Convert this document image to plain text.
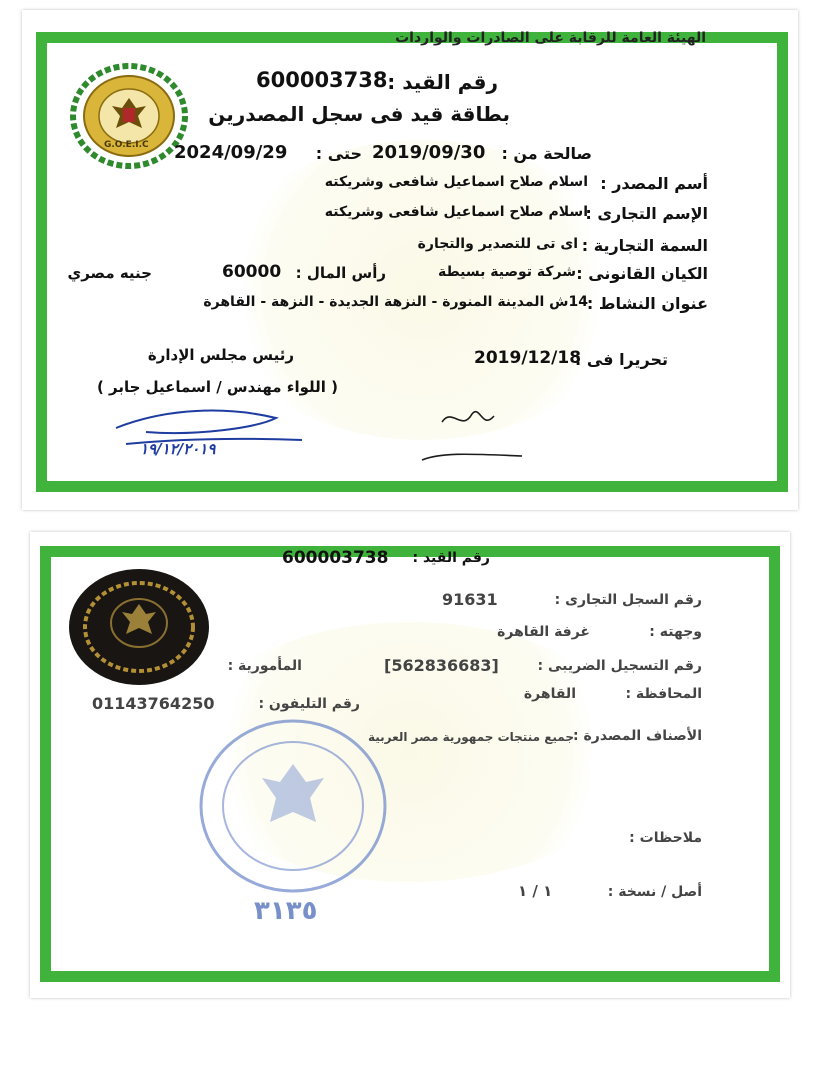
الهيئة العامة للرقابة على الصادرات والواردات
G.O.E.I.C
رقم القيد :
600003738
بطاقة قيد فى سجل المصدرين
صالحة من :
2019/09/30
حتى :
2024/09/29
أسم المصدر :
اسلام صلاح اسماعيل شافعى وشريكته
الإسم التجارى :
اسلام صلاح اسماعيل شافعى وشريكته
السمة التجارية :
اى تى للتصدير والتجارة
الكيان القانونى :
شركة توصية بسيطة
رأس المال :
60000
جنيه مصري
عنوان النشاط :
14ش المدينة المنورة - النزهة الجديدة - النزهة - القاهرة
تحريرا فى :
2019/12/18
رئيس مجلس الإدارة
( اللواء مهندس / اسماعيل جابر )
١٩/١٢/٢٠١٩
رقم القيد :
600003738
رقم السجل التجارى :
91631
وجهته :
غرفة القاهرة
رقم التسجيل الضريبى :
[562836683]
المأمورية :
المحافظة :
القاهرة
رقم التليفون :
01143764250
الأصناف المصدرة :
جميع منتجات جمهورية مصر العربية
ملاحظات :
أصل / نسخة :
١ / ١
٣١٣٥
